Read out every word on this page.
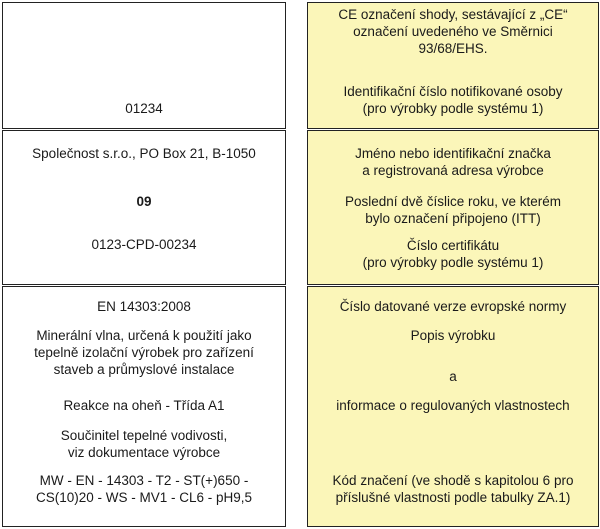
01234
CE označení shody, sestávající z „CE“
označení uvedeného ve Směrnici
93/68/EHS.
Identifikační číslo notifikované osoby
(pro výrobky podle systému 1)
Společnost s.r.o., PO Box 21, B-1050
09
0123-CPD-00234
Jméno nebo identifikační značka
a registrovaná adresa výrobce
Poslední dvě číslice roku, ve kterém
bylo označení připojeno (ITT)
Číslo certifikátu
(pro výrobky podle systému 1)
EN 14303:2008
Minerální vlna, určená k použití jako
tepelně izolační výrobek pro zařízení
staveb a průmyslové instalace
Reakce na oheň - Třída A1
Součinitel tepelné vodivosti,
viz dokumentace výrobce
MW - EN - 14303 - T2 - ST(+)650 -
CS(10)20 - WS - MV1 - CL6 - pH9,5
Číslo datované verze evropské normy
Popis výrobku
a
informace o regulovaných vlastnostech
Kód značení (ve shodě s kapitolou 6 pro
příslušné vlastnosti podle tabulky ZA.1)
